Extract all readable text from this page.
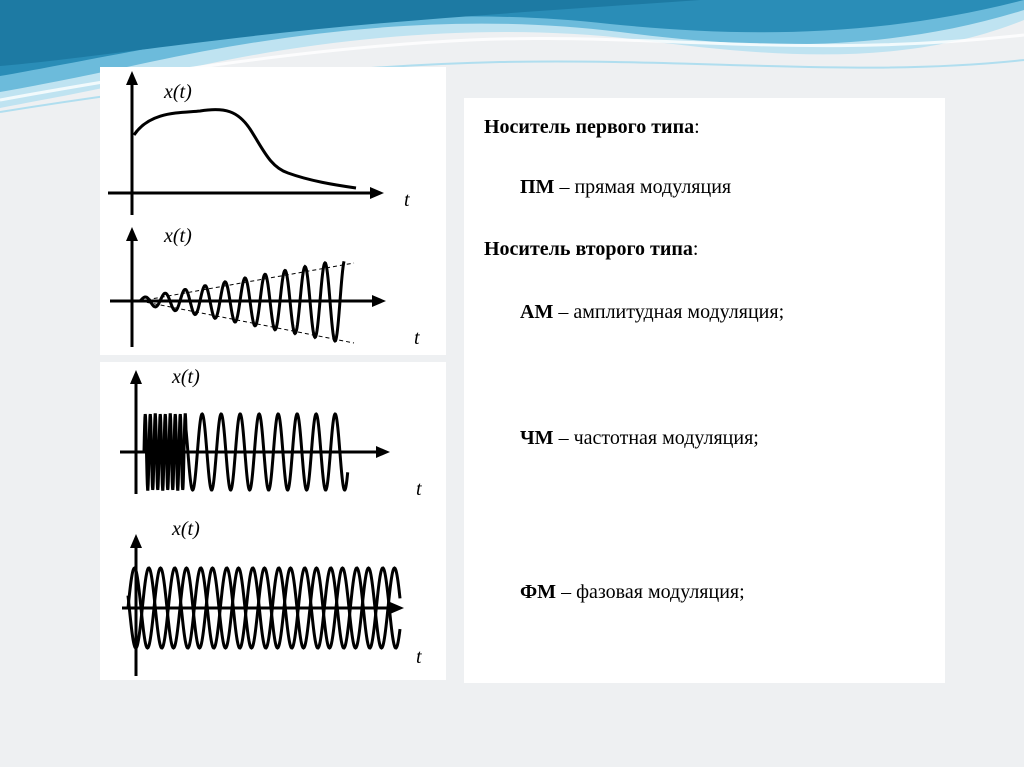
x(t)
t
x(t)
t
x(t)
t
x(t)
t
Носитель первого типа:
ПМ – прямая модуляция
Носитель второго типа:
АМ – амплитудная модуляция;
ЧМ – частотная модуляция;
ФМ – фазовая модуляция;
